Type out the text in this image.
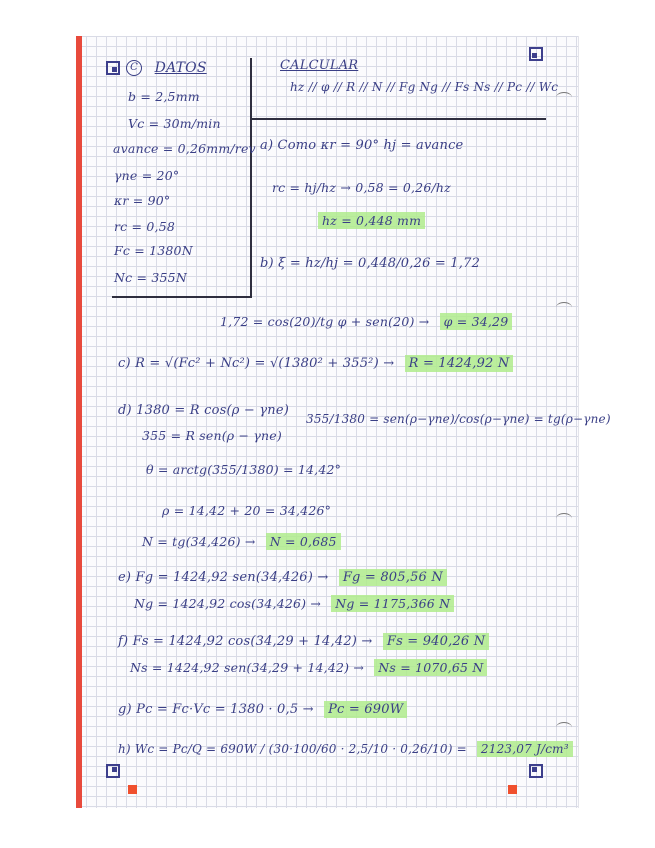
C DATOS	CALCULAR
hz // φ // R // N // Fg Ng // Fs Ns // Pc // Wc
b = 2,5mm
Vc = 30m/min
avance = 0,26mm/rev
γne = 20°
κr = 90°
rc = 0,58
Fc = 1380N
Nc = 355N
a) Como κr = 90° hj = avance
rc = hj/hz → 0,58 = 0,26/hz
hz = 0,448 mm
b) ξ = hz/hj = 0,448/0,26 = 1,72
1,72 = cos(20)/tg φ + sen(20) → φ = 34,29
c) R = √(Fc² + Nc²) = √(1380² + 355²) → R = 1424,92 N
d) 1380 = R cos(ρ − γne)
355 = R sen(ρ − γne)
355/1380 = sen(ρ−γne)/cos(ρ−γne) = tg(ρ−γne)
θ = arctg(355/1380) = 14,42°
ρ = 14,42 + 20 = 34,426°
N = tg(34,426) → N = 0,685
e) Fg = 1424,92 sen(34,426) → Fg = 805,56 N
Ng = 1424,92 cos(34,426) → Ng = 1175,366 N
f) Fs = 1424,92 cos(34,29 + 14,42) → Fs = 940,26 N
Ns = 1424,92 sen(34,29 + 14,42) → Ns = 1070,65 N
g) Pc = Fc·Vc = 1380 · 0,5 → Pc = 690W
h) Wc = Pc/Q = 690W / (30·100/60 · 2,5/10 · 0,26/10) = 2123,07 J/cm³
